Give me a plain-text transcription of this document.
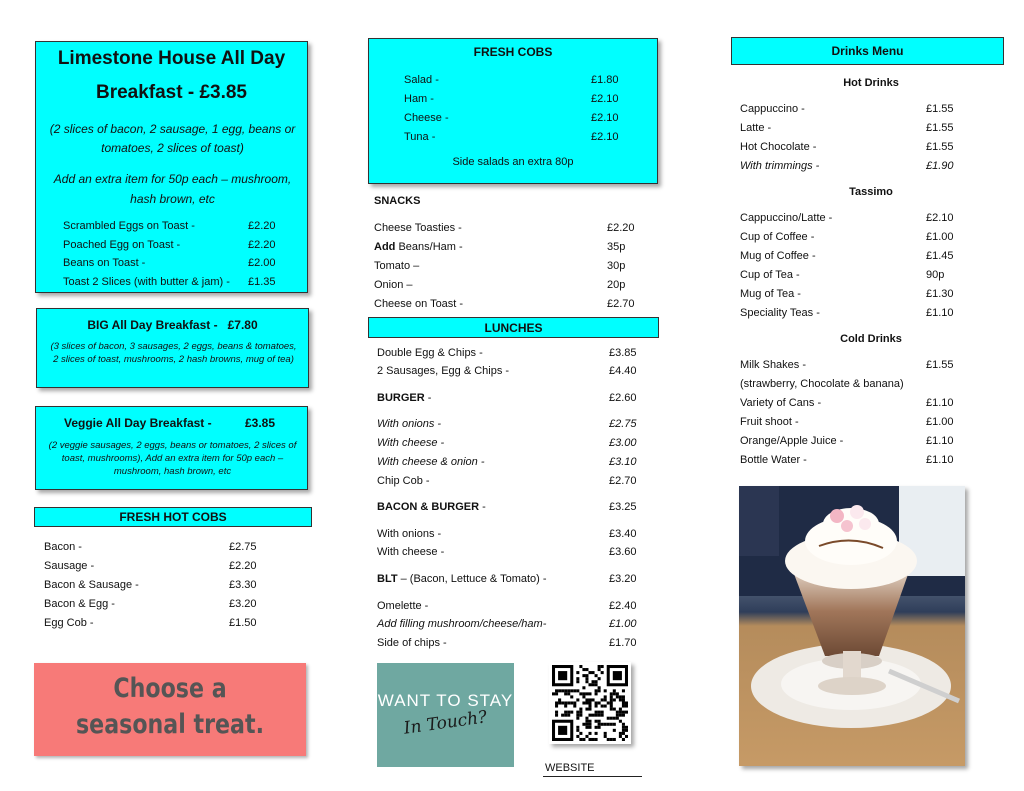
Limestone House All Day
Breakfast - £3.85
(2 slices of bacon, 2 sausage, 1 egg, beans or tomatoes, 2 slices of toast)
Add an extra item for 50p each – mushroom, hash brown, etc
Scrambled Eggs on Toast -	£2.20
Poached Egg on Toast -	£2.20
Beans on Toast -	£2.00
Toast 2 Slices (with butter & jam) - £1.35
BIG All Day Breakfast - £7.80
(3 slices of bacon, 3 sausages, 2 eggs, beans & tomatoes, 2 slices of toast, mushrooms, 2 hash browns, mug of tea)
Veggie All Day Breakfast -	£3.85
(2 veggie sausages, 2 eggs, beans or tomatoes, 2 slices of toast, mushrooms), Add an extra item for 50p each – mushroom, hash brown, etc
FRESH HOT COBS
Bacon -	£2.75
Sausage -	£2.20
Bacon & Sausage -	£3.30
Bacon & Egg -	£3.20
Egg Cob -	£1.50
Choose a seasonal treat.
FRESH COBS
Salad -	£1.80
Ham -	£2.10
Cheese -	£2.10
Tuna -	£2.10
Side salads an extra 80p
SNACKS
Cheese Toasties -	£2.20
Add Beans/Ham -	35p
Tomato –	30p
Onion –	20p
Cheese on Toast -	£2.70
LUNCHES
Double Egg & Chips -	£3.85
2 Sausages, Egg & Chips -	£4.40
BURGER -	£2.60
With onions -	£2.75
With cheese -	£3.00
With cheese & onion -	£3.10
Chip Cob -	£2.70
BACON & BURGER -	£3.25
With onions -	£3.40
With cheese -	£3.60
BLT – (Bacon, Lettuce & Tomato) -	£3.20
Omelette -	£2.40
Add filling mushroom/cheese/ham-	£1.00
Side of chips -	£1.70
WANT TO STAY
In Touch?
WEBSITE
Drinks Menu
Hot Drinks
Cappuccino -	£1.55
Latte -	£1.55
Hot Chocolate -	£1.55
With trimmings -	£1.90
Tassimo
Cappuccino/Latte -	£2.10
Cup of Coffee -	£1.00
Mug of Coffee -	£1.45
Cup of Tea -	90p
Mug of Tea -	£1.30
Speciality Teas -	£1.10
Cold Drinks
Milk Shakes -	£1.55
(strawberry, Chocolate & banana)
Variety of Cans -	£1.10
Fruit shoot -	£1.00
Orange/Apple Juice -	£1.10
Bottle Water -	£1.10
